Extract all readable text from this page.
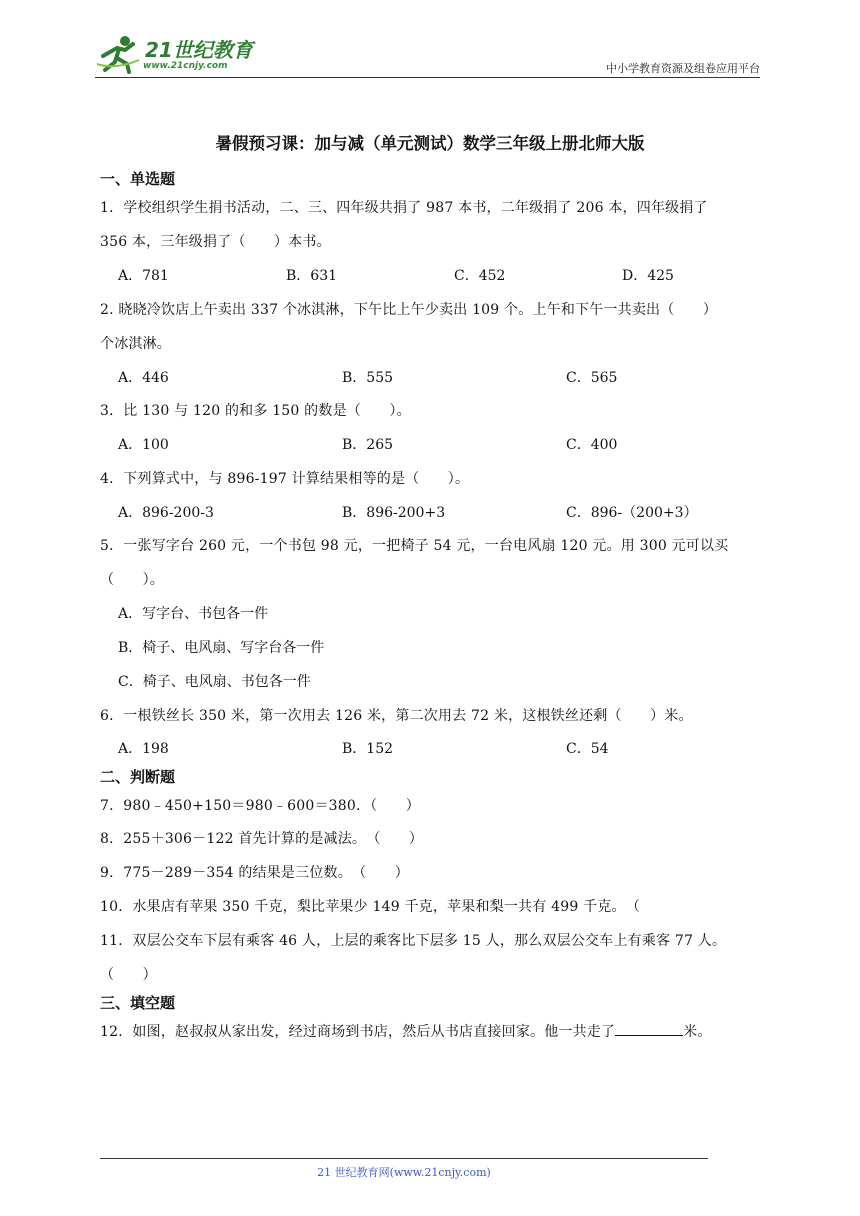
21世纪教育
www.21cnjy.com	中小学教育资源及组卷应用平台
暑假预习课：加与减（单元测试）数学三年级上册北师大版
一、单选题
1．学校组织学生捐书活动，二、三、四年级共捐了 987 本书，二年级捐了 206 本，四年级捐了
356 本，三年级捐了（　　）本书。
A．781	B．631	C．452	D．425
2. 晓晓冷饮店上午卖出 337 个冰淇淋，下午比上午少卖出 109 个。上午和下午一共卖出（　　）
个冰淇淋。
A．446	B．555	C．565
3．比 130 与 120 的和多 150 的数是（　　）。
A．100	B．265	C．400
4．下列算式中，与 896-197 计算结果相等的是（　　）。
A．896-200-3	B．896-200+3	C．896-（200+3）
5．一张写字台 260 元，一个书包 98 元，一把椅子 54 元，一台电风扇 120 元。用 300 元可以买
（　　）。
A．写字台、书包各一件
B．椅子、电风扇、写字台各一件
C．椅子、电风扇、书包各一件
6．一根铁丝长 350 米，第一次用去 126 米，第二次用去 72 米，这根铁丝还剩（　　）米。
A．198	B．152	C．54
二、判断题
7．980﹣450+150＝980﹣600＝380．（　　）
8．255＋306－122 首先计算的是减法。　（　　）
9．775－289－354 的结果是三位数。　（　　）
10．水果店有苹果 350 千克，梨比苹果少 149 千克，苹果和梨一共有 499 千克。　（
11．双层公交车下层有乘客 46 人，上层的乘客比下层多 15 人，那么双层公交车上有乘客 77 人。
（　　）
三、填空题
12．如图，赵叔叔从家出发，经过商场到书店，然后从书店直接回家。他一共走了	米。
21 世纪教育网(www.21cnjy.com)
